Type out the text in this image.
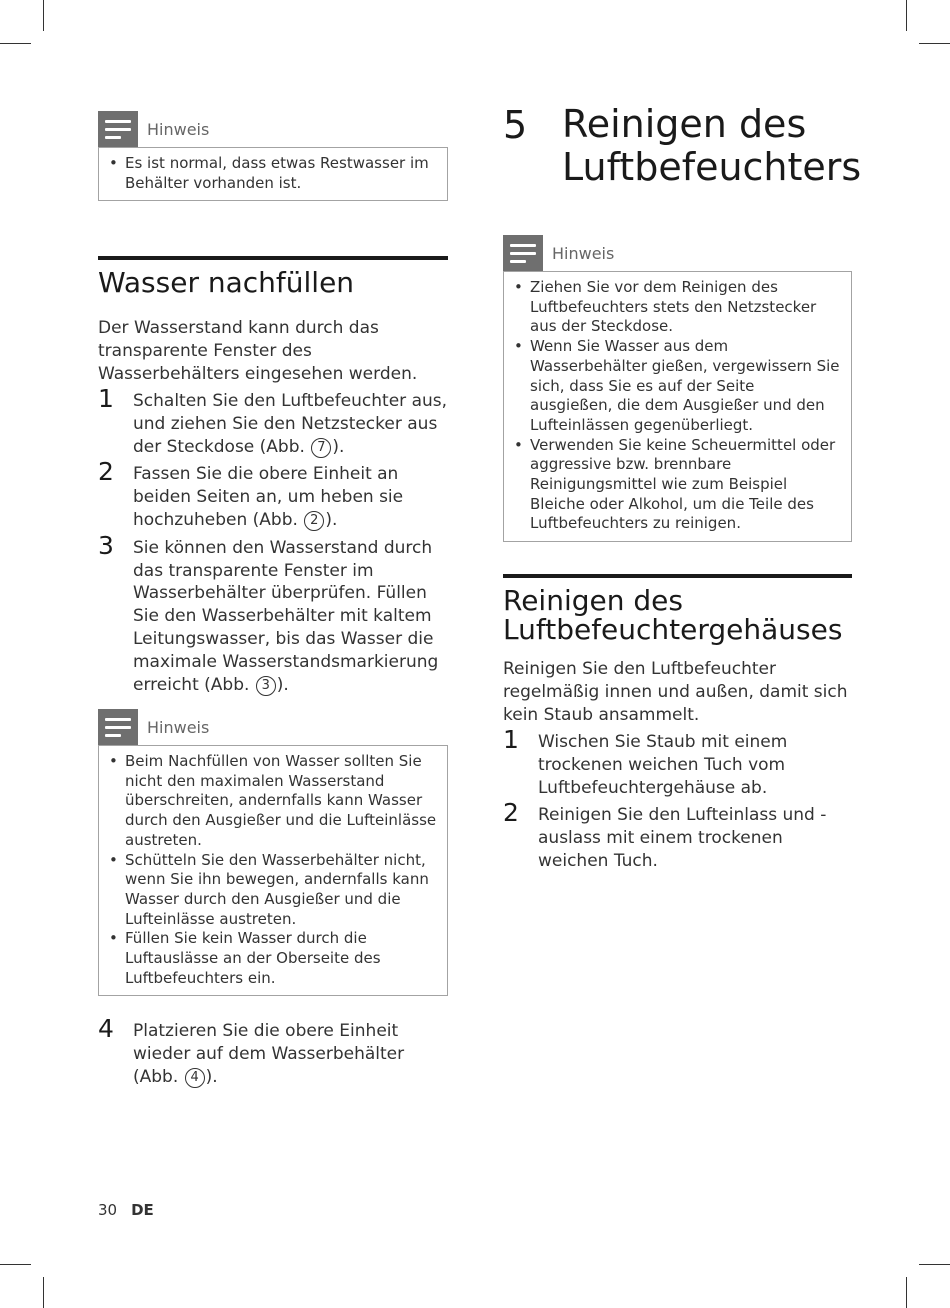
Hinweis
• Es ist normal, dass etwas Restwasser im Behälter vorhanden ist.
Wasser nachfüllen
Der Wasserstand kann durch das transparente Fenster des Wasserbehälters eingesehen werden.
1 Schalten Sie den Luftbefeuchter aus, und ziehen Sie den Netzstecker aus der Steckdose (Abb. 7 ).
2 Fassen Sie die obere Einheit an beiden Seiten an, um heben sie hochzuheben (Abb. 2 ).
3 Sie können den Wasserstand durch das transparente Fenster im Wasserbehälter überprüfen. Füllen Sie den Wasserbehälter mit kaltem Leitungswasser, bis das Wasser die maximale Wasserstandsmarkierung erreicht (Abb. 3 ).
Hinweis
• Beim Nachfüllen von Wasser sollten Sie nicht den maximalen Wasserstand überschreiten, andernfalls kann Wasser durch den Ausgießer und die Lufteinlässe austreten.
• Schütteln Sie den Wasserbehälter nicht, wenn Sie ihn bewegen, andernfalls kann Wasser durch den Ausgießer und die Lufteinlässe austreten.
• Füllen Sie kein Wasser durch die Luftauslässe an der Oberseite des Luftbefeuchters ein.
4 Platzieren Sie die obere Einheit wieder auf dem Wasserbehälter (Abb. 4 ).
5 Reinigen des
Luftbefeuchters
Hinweis
• Ziehen Sie vor dem Reinigen des Luftbefeuchters stets den Netzstecker aus der Steckdose.
• Wenn Sie Wasser aus dem Wasserbehälter gießen, vergewissern Sie sich, dass Sie es auf der Seite ausgießen, die dem Ausgießer und den Lufteinlässen gegenüberliegt.
• Verwenden Sie keine Scheuermittel oder aggressive bzw. brennbare Reinigungsmittel wie zum Beispiel Bleiche oder Alkohol, um die Teile des Luftbefeuchters zu reinigen.
Reinigen des
Luftbefeuchtergehäuses
Reinigen Sie den Luftbefeuchter regelmäßig innen und außen, damit sich kein Staub ansammelt.
1 Wischen Sie Staub mit einem trockenen weichen Tuch vom Luftbefeuchtergehäuse ab.
2 Reinigen Sie den Lufteinlass und -auslass mit einem trockenen weichen Tuch.
30 DE
